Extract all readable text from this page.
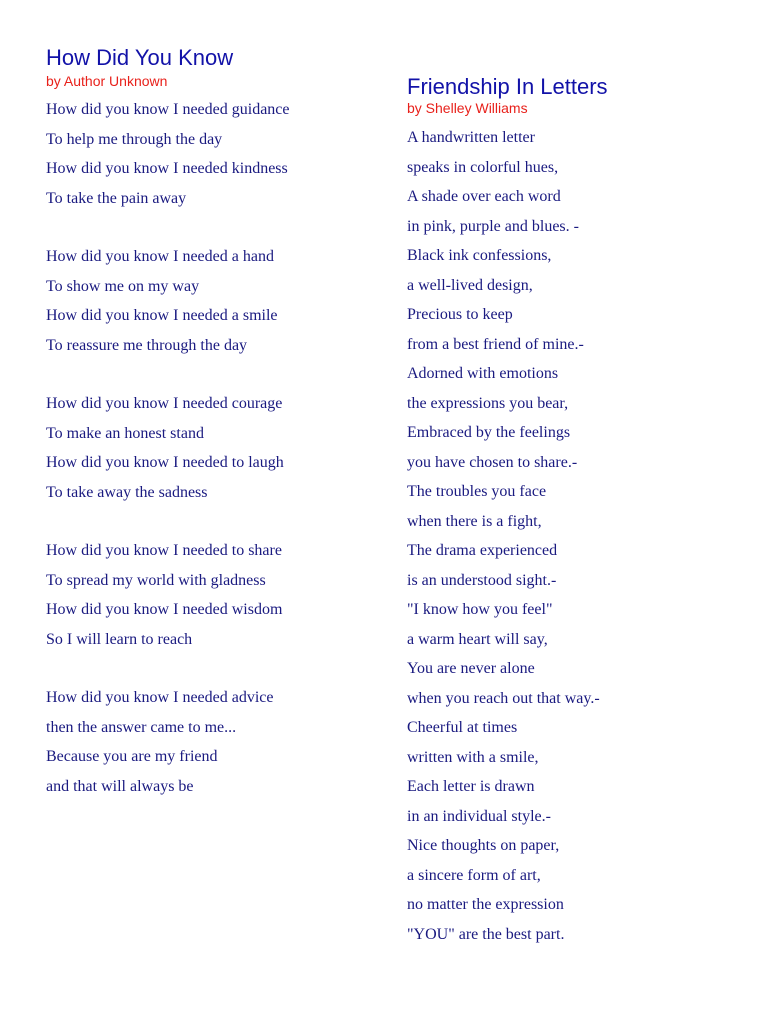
How Did You Know
by Author Unknown
How did you know I needed guidance
To help me through the day
How did you know I needed kindness
To take the pain away
How did you know I needed a hand
To show me on my way
How did you know I needed a smile
To reassure me through the day
How did you know I needed courage
To make an honest stand
How did you know I needed to laugh
To take away the sadness
How did you know I needed to share
To spread my world with gladness
How did you know I needed wisdom
So I will learn to reach
How did you know I needed advice
then the answer came to me...
Because you are my friend
and that will always be
Friendship In Letters
by Shelley Williams
A handwritten letter
speaks in colorful hues,
A shade over each word
in pink, purple and blues. -
Black ink confessions,
a well-lived design,
Precious to keep
from a best friend of mine.-
Adorned with emotions
the expressions you bear,
Embraced by the feelings
you have chosen to share.-
The troubles you face
when there is a fight,
The drama experienced
is an understood sight.-
"I know how you feel"
a warm heart will say,
You are never alone
when you reach out that way.-
Cheerful at times
written with a smile,
Each letter is drawn
in an individual style.-
Nice thoughts on paper,
a sincere form of art,
no matter the expression
"YOU" are the best part.
